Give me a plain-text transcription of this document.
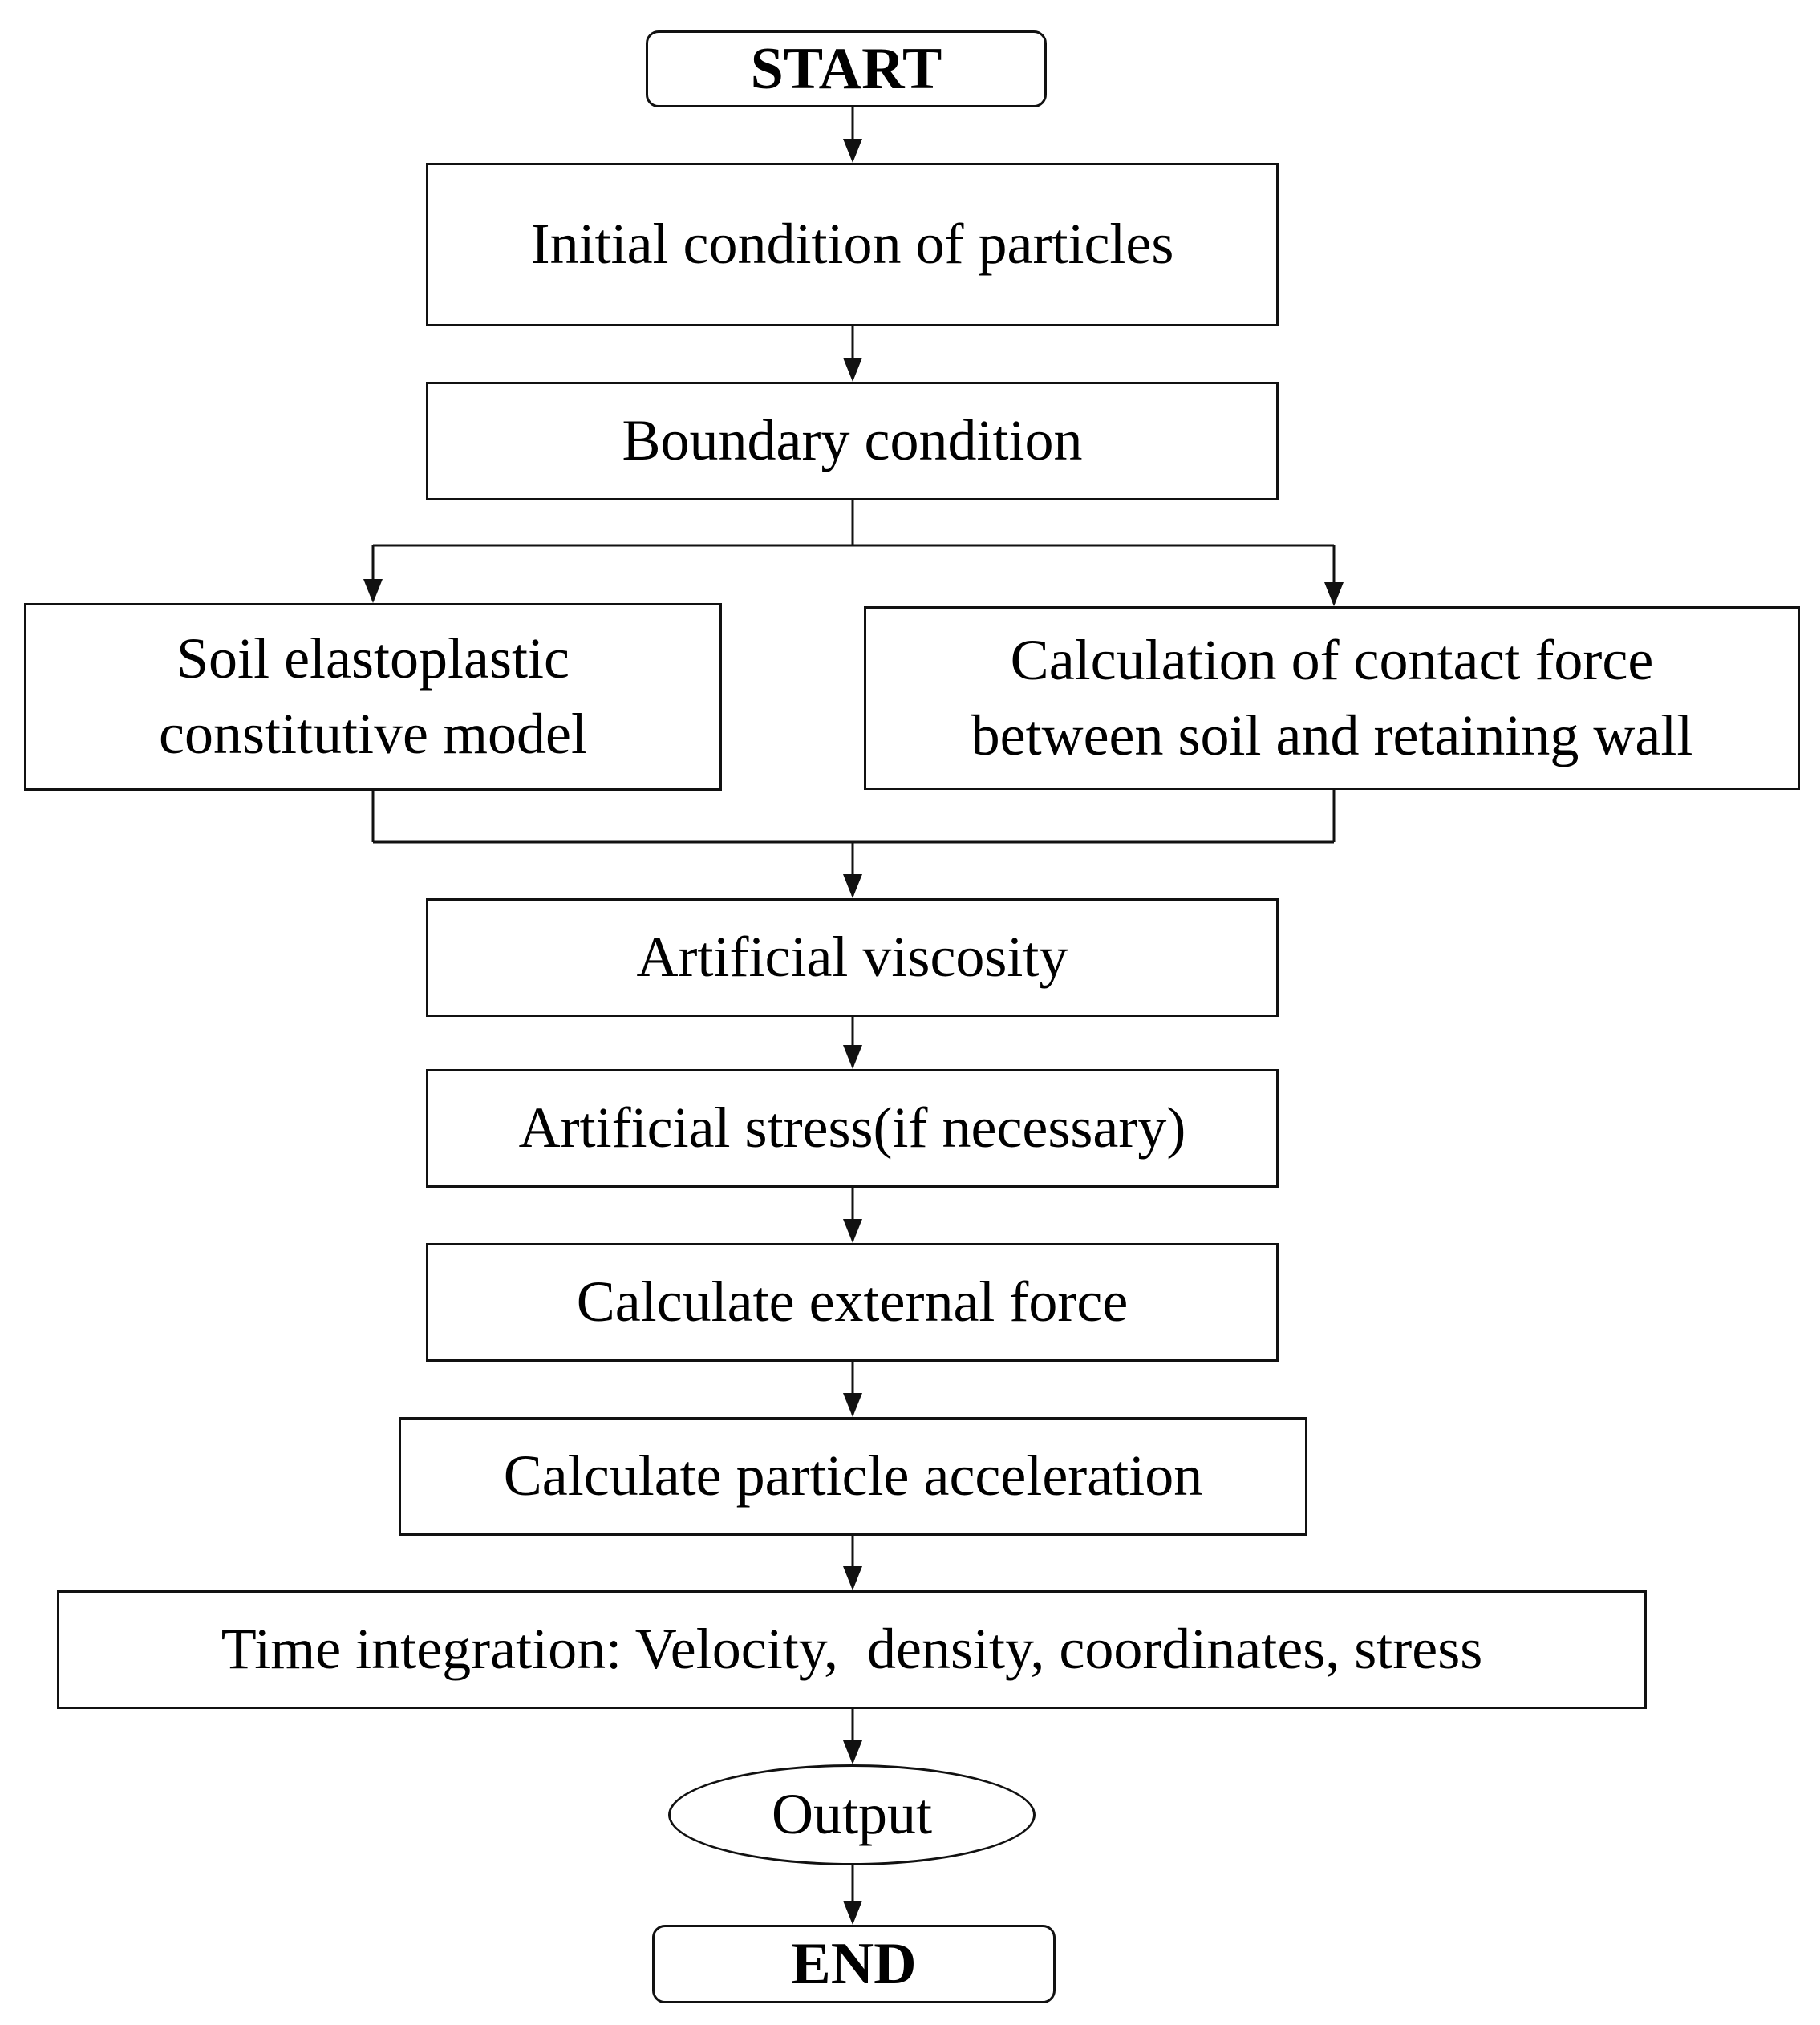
START
Initial condition of particles
Boundary condition
Soil elastoplastic
constitutive model
Calculation of contact force
between soil and retaining wall
Artificial viscosity
Artificial stress(if necessary)
Calculate external force
Calculate particle acceleration
Time integration: Velocity,  density, coordinates, stress
Output
END
